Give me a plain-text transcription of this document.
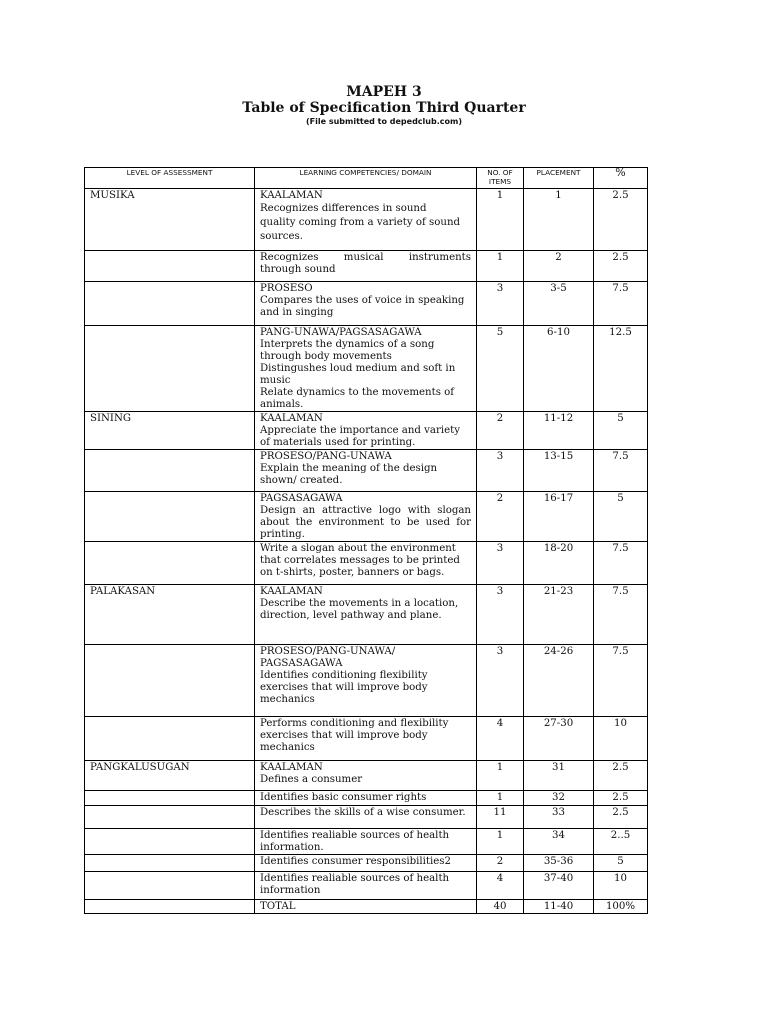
MAPEH 3
Table of Specification Third Quarter
(File submitted to depedclub.com)
LEVEL OF ASSESSMENT	LEARNING COMPETENCIES/ DOMAIN	NO. OF ITEMS	PLACEMENT	%
MUSIKA	KAALAMAN
Recognizes differences in sound
quality coming from a variety of sound
sources.	1	1	2.5

	Recognizes musical instruments through sound	1	2	2.5

	PROSESO
Compares the uses of voice in speaking and in singing	3	3-5	7.5

	PANG-UNAWA/PAGSASAGAWA
Interprets the dynamics of a song through body movements
Distingushes loud medium and soft in music
Relate dynamics to the movements of animals.	5	6-10	12.5
SINING	KAALAMAN
Appreciate the importance and variety of materials used for printing.	2	11-12	5

	PROSESO/PANG-UNAWA
Explain the meaning of the design shown/ created.	3	13-15	7.5

	PAGSASAGAWA
Design an attractive logo with slogan about the environment to be used for printing.	2	16-17	5

	Write a slogan about the environment that correlates messages to be printed on t-shirts, poster, banners or bags.	3	18-20	7.5
PALAKASAN	KAALAMAN
Describe the movements in a location, direction, level pathway and plane.	3	21-23	7.5

	PROSESO/PANG-UNAWA/
PAGSASAGAWA
Identifies conditioning flexibility exercises that will improve body mechanics	3	24-26	7.5

	Performs conditioning and flexibility exercises that will improve body mechanics	4	27-30	10
PANGKALUSUGAN	KAALAMAN
Defines a consumer	1	31	2.5

	Identifies basic consumer rights	1	32	2.5

	Describes the skills of a wise consumer.	11	33	2.5

	Identifies realiable sources of health information.	1	34	2..5

	Identifies consumer responsibilities2	2	35-36	5

	Identifies realiable sources of health information	4	37-40	10
	TOTAL	40	11-40	100%
